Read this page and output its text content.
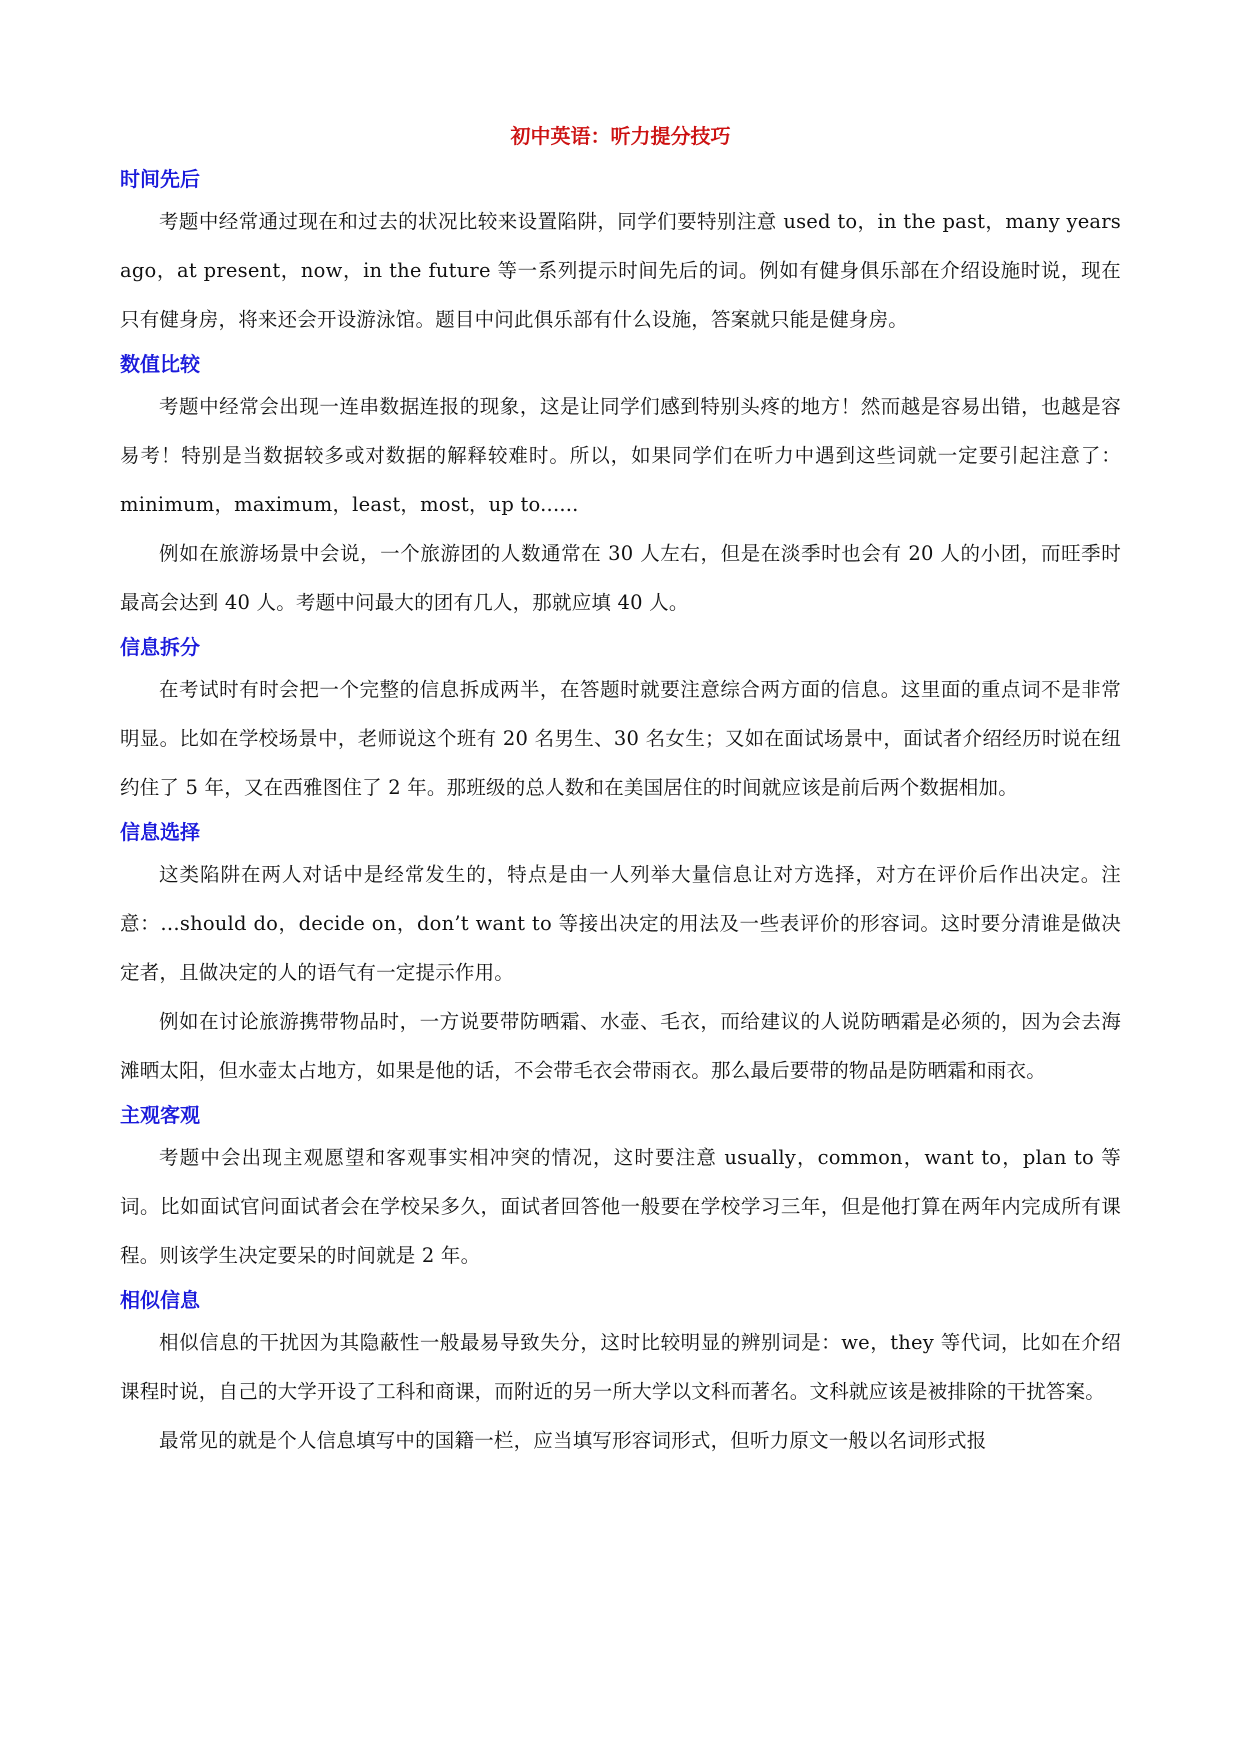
初中英语：听力提分技巧
时间先后

考题中经常通过现在和过去的状况比较来设置陷阱，同学们要特别注意 used to，in the past，many years ago，at present，now，in the future 等一系列提示时间先后的词。例如有健身俱乐部在介绍设施时说，现在只有健身房，将来还会开设游泳馆。题目中问此俱乐部有什么设施，答案就只能是健身房。

数值比较

考题中经常会出现一连串数据连报的现象，这是让同学们感到特别头疼的地方！然而越是容易出错，也越是容易考！特别是当数据较多或对数据的解释较难时。所以，如果同学们在听力中遇到这些词就一定要引起注意了：minimum，maximum，least，most，up to......

例如在旅游场景中会说，一个旅游团的人数通常在 30 人左右，但是在淡季时也会有 20 人的小团，而旺季时最高会达到 40 人。考题中问最大的团有几人，那就应填 40 人。

信息拆分

在考试时有时会把一个完整的信息拆成两半，在答题时就要注意综合两方面的信息。这里面的重点词不是非常明显。比如在学校场景中，老师说这个班有 20 名男生、30 名女生；又如在面试场景中，面试者介绍经历时说在纽约住了 5 年，又在西雅图住了 2 年。那班级的总人数和在美国居住的时间就应该是前后两个数据相加。

信息选择

这类陷阱在两人对话中是经常发生的，特点是由一人列举大量信息让对方选择，对方在评价后作出决定。注意：…should do，decide on，don’t want to 等接出决定的用法及一些表评价的形容词。这时要分清谁是做决定者，且做决定的人的语气有一定提示作用。

例如在讨论旅游携带物品时，一方说要带防晒霜、水壶、毛衣，而给建议的人说防晒霜是必须的，因为会去海滩晒太阳，但水壶太占地方，如果是他的话，不会带毛衣会带雨衣。那么最后要带的物品是防晒霜和雨衣。

主观客观

考题中会出现主观愿望和客观事实相冲突的情况，这时要注意 usually，common，want to，plan to 等词。比如面试官问面试者会在学校呆多久，面试者回答他一般要在学校学习三年，但是他打算在两年内完成所有课程。则该学生决定要呆的时间就是 2 年。

相似信息

相似信息的干扰因为其隐蔽性一般最易导致失分，这时比较明显的辨别词是：we，they 等代词，比如在介绍课程时说，自己的大学开设了工科和商课，而附近的另一所大学以文科而著名。文科就应该是被排除的干扰答案。

最常见的就是个人信息填写中的国籍一栏，应当填写形容词形式，但听力原文一般以名词形式报
